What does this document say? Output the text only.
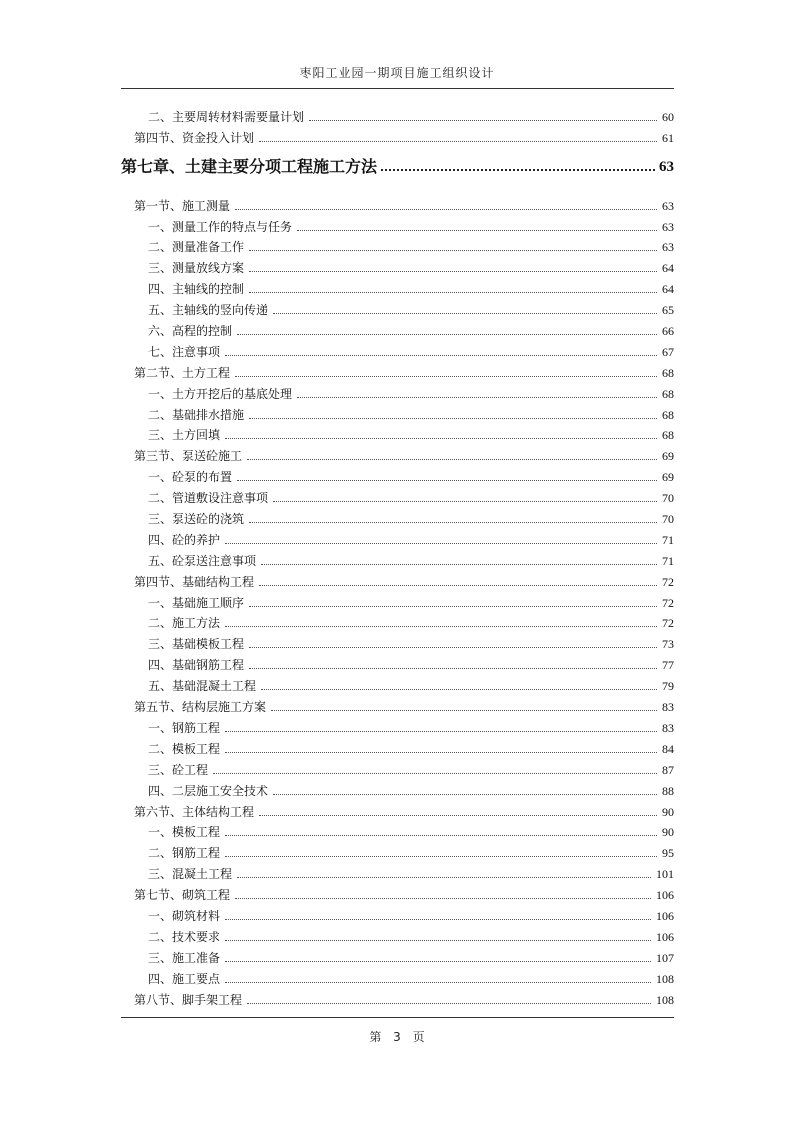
枣阳工业园一期项目施工组织设计
二、主要周转材料需要量计划	60
第四节、资金投入计划	61
第七章、土建主要分项工程施工方法	63
第一节、施工测量	63
一、测量工作的特点与任务	63
二、测量准备工作	63
三、测量放线方案	64
四、主轴线的控制	64
五、主轴线的竖向传递	65
六、高程的控制	66
七、注意事项	67
第二节、土方工程	68
一、土方开挖后的基底处理	68
二、基础排水措施	68
三、土方回填	68
第三节、泵送砼施工	69
一、砼泵的布置	69
二、管道敷设注意事项	70
三、泵送砼的浇筑	70
四、砼的养护	71
五、砼泵送注意事项	71
第四节、基础结构工程	72
一、基础施工顺序	72
二、施工方法	72
三、基础模板工程	73
四、基础钢筋工程	77
五、基础混凝土工程	79
第五节、结构层施工方案	83
一、钢筋工程	83
二、模板工程	84
三、砼工程	87
四、二层施工安全技术	88
第六节、主体结构工程	90
一、模板工程	90
二、钢筋工程	95
三、混凝土工程	101
第七节、砌筑工程	106
一、砌筑材料	106
二、技术要求	106
三、施工准备	107
四、施工要点	108
第八节、脚手架工程	108
第 3 页
